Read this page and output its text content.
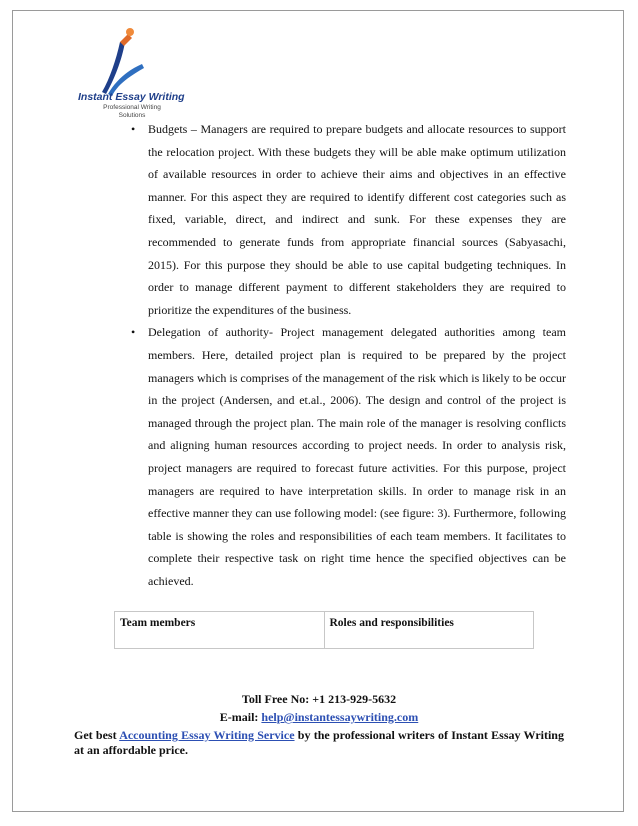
Instant Essay Writing
Professional Writing
Solutions
• Budgets – Managers are required to prepare budgets and allocate resources to support the relocation project. With these budgets they will be able make optimum utilization of available resources in order to achieve their aims and objectives in an effective manner. For this aspect they are required to identify different cost categories such as fixed, variable, direct, and indirect and sunk. For these expenses they are recommended to generate funds from appropriate financial sources (Sabyasachi, 2015). For this purpose they should be able to use capital budgeting techniques. In order to manage different payment to different stakeholders they are required to prioritize the expenditures of the business.

• Delegation of authority- Project management delegated authorities among team members. Here, detailed project plan is required to be prepared by the project managers which is comprises of the management of the risk which is likely to be occur in the project (Andersen, and et.al., 2006). The design and control of the project is managed through the project plan. The main role of the manager is resolving conflicts and aligning human resources according to project needs. In order to analysis risk, project managers are required to forecast future activities. For this purpose, project managers are required to have interpretation skills. In order to manage risk in an effective manner they can use following model: (see figure: 3). Furthermore, following table is showing the roles and responsibilities of each team members. It facilitates to complete their respective task on right time hence the specified objectives can be achieved.

Team members	Roles and responsibilities
Toll Free No: +1 213-929-5632
E-mail: help@instantessaywriting.com
Get best Accounting Essay Writing Service by the professional writers of Instant Essay Writing at an affordable price.
